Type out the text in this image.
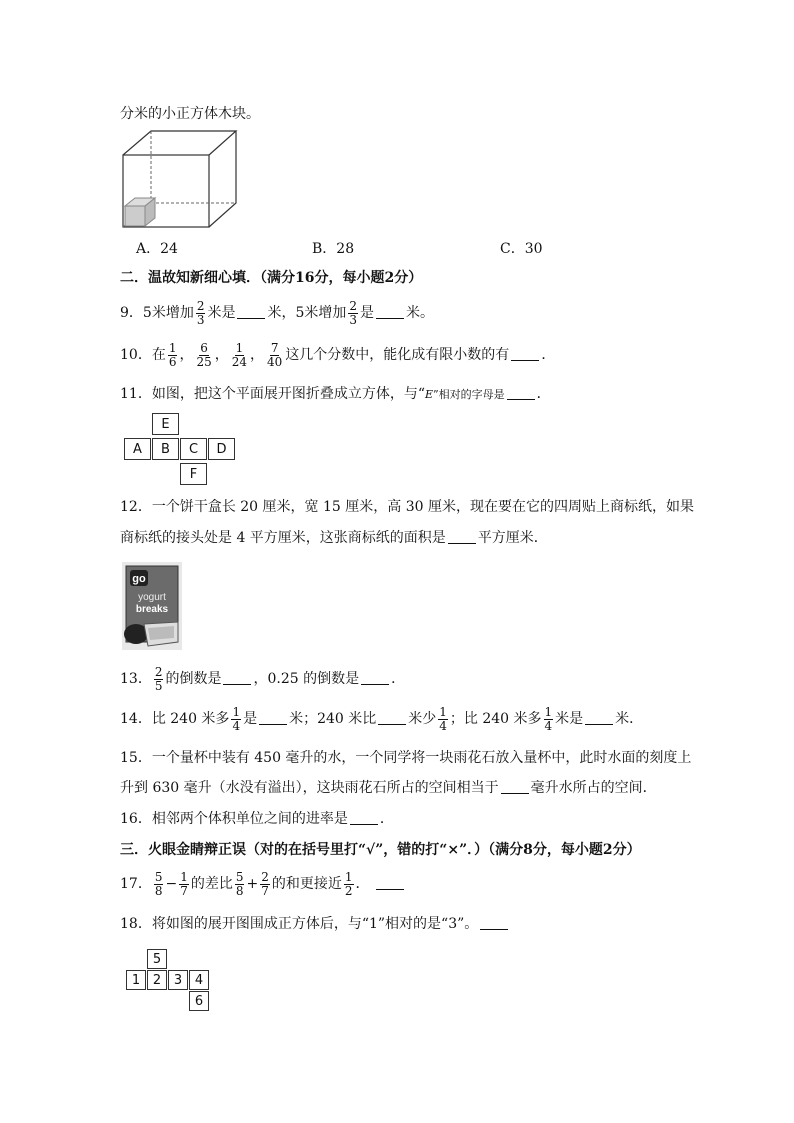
分米的小正方体木块。
A．24	B．28	C．30
二．温故知新细心填．（满分16分，每小题2分）
9．5米增加 $\frac{2}{3}$ 米是 米，5米增加 $\frac{2}{3}$ 是 米。
10．在 $\frac{1}{6}$ ， $\frac{6}{25}$ ， $\frac{1}{24}$ ， $\frac{7}{40}$ 这几个分数中，能化成有限小数的有 ．
11．如图，把这个平面展开图折叠成立方体，与“E”相对的字母是 ．
E
A	B	C	D
F
12．一个饼干盒长 20 厘米，宽 15 厘米，高 30 厘米，现在要在它的四周贴上商标纸，如果
商标纸的接头处是 4 平方厘米，这张商标纸的面积是 平方厘米．
go
yogurt
breaks
13． $\frac{2}{5}$ 的倒数是 ，0.25 的倒数是 ．
14．比 240 米多 $\frac{1}{4}$ 是 米；240 米比 米少 $\frac{1}{4}$ ；比 240 米多 $\frac{1}{4}$ 米是 米．
15．一个量杯中装有 450 毫升的水，一个同学将一块雨花石放入量杯中，此时水面的刻度上
升到 630 毫升（水没有溢出），这块雨花石所占的空间相当于 毫升水所占的空间．
16．相邻两个体积单位之间的进率是 ．
三．火眼金睛辩正误（对的在括号里打“√”，错的打“×”．）（满分8分，每小题2分）
17． $\frac{5}{8} - \frac{1}{7}$ 的差比 $\frac{5}{8} + \frac{2}{7}$ 的和更接近 $\frac{1}{2}$ ．
18．将如图的展开图围成正方体后，与“1”相对的是“3”。
5
1 2 3 4
6
